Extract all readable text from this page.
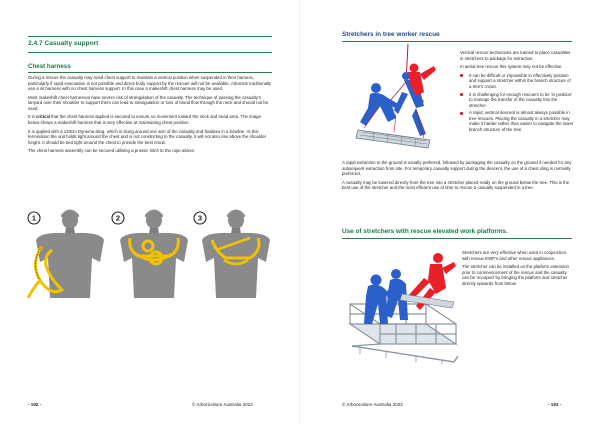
2.4.7 Casualty support
Chest harness

During a rescue the casualty may need chest support to maintain a vertical position when suspended in their harness, particularly if rapid evacuation is not possible and direct-body support by the rescuer will not be available. Arborists traditionally use a sit harness with no chest harness support. In this case a makeshift chest harness may be used.

Most makeshift chest harnesses have severe risk of strangulation of the casualty. The technique of passing the casualty's lanyard over their shoulder to support them can lead to strangulation or loss of blood flow through the neck and should not be used.

It is critical that the chest harness applied is secured to ensure no movement toward the neck and head area. The image below shows a makeshift harness that is very effective at maintaining chest position.

It is applied with a 120cm Dynema sling, which is slung around one arm of the casualty and finalises in a bowline. At this termination the unit holds tight around the chest and is not constricting to the casualty, it will not also rise above the shoulder height. It should be tied tight around the chest to provide the best result.

The chest harness assembly can be secured utilising a prussic hitch to the rope above.

1	2	3
- 192 -	© Arboriculture Australia 2022
Stretchers in tree worker rescue

Vertical rescue technicians are trained to place casualties in stretchers to package for extraction.

In aerial tree rescue this system may not be effective.

It can be difficult or impossible to effectively position and support a stretcher within the branch structure of a tree's crown.
It is challenging for enough rescuers to be 'in position' to manage the transfer of the casualty into the stretcher.
A rapid, vertical descent is almost always possible in tree rescues. Placing the casualty in a stretcher may make it harder rather than easier to navigate the lower branch structure of the tree.

A rapid extraction to the ground is usually preferred, followed by packaging the casualty on the ground if needed for any subsequent extraction from site. For temporary casualty support during the descent, the use of a chest sling is normally preferred.

A casualty may be lowered directly from the tree into a stretcher placed ready on the ground below the tree. This is the best use of the stretcher and the most efficient use of time to rescue a casualty suspended in a tree.

Use of stretchers with rescue elevated work platforms.

Stretchers are very effective when used in conjunction with rescue EWP's and other rescue appliances.

The stretcher can be installed on the platform extension prior to commencement of the rescue and the casualty can be 'scooped' by bringing the platform and stretcher directly upwards from below.

© Arboriculture Australia 2022	- 193 -
